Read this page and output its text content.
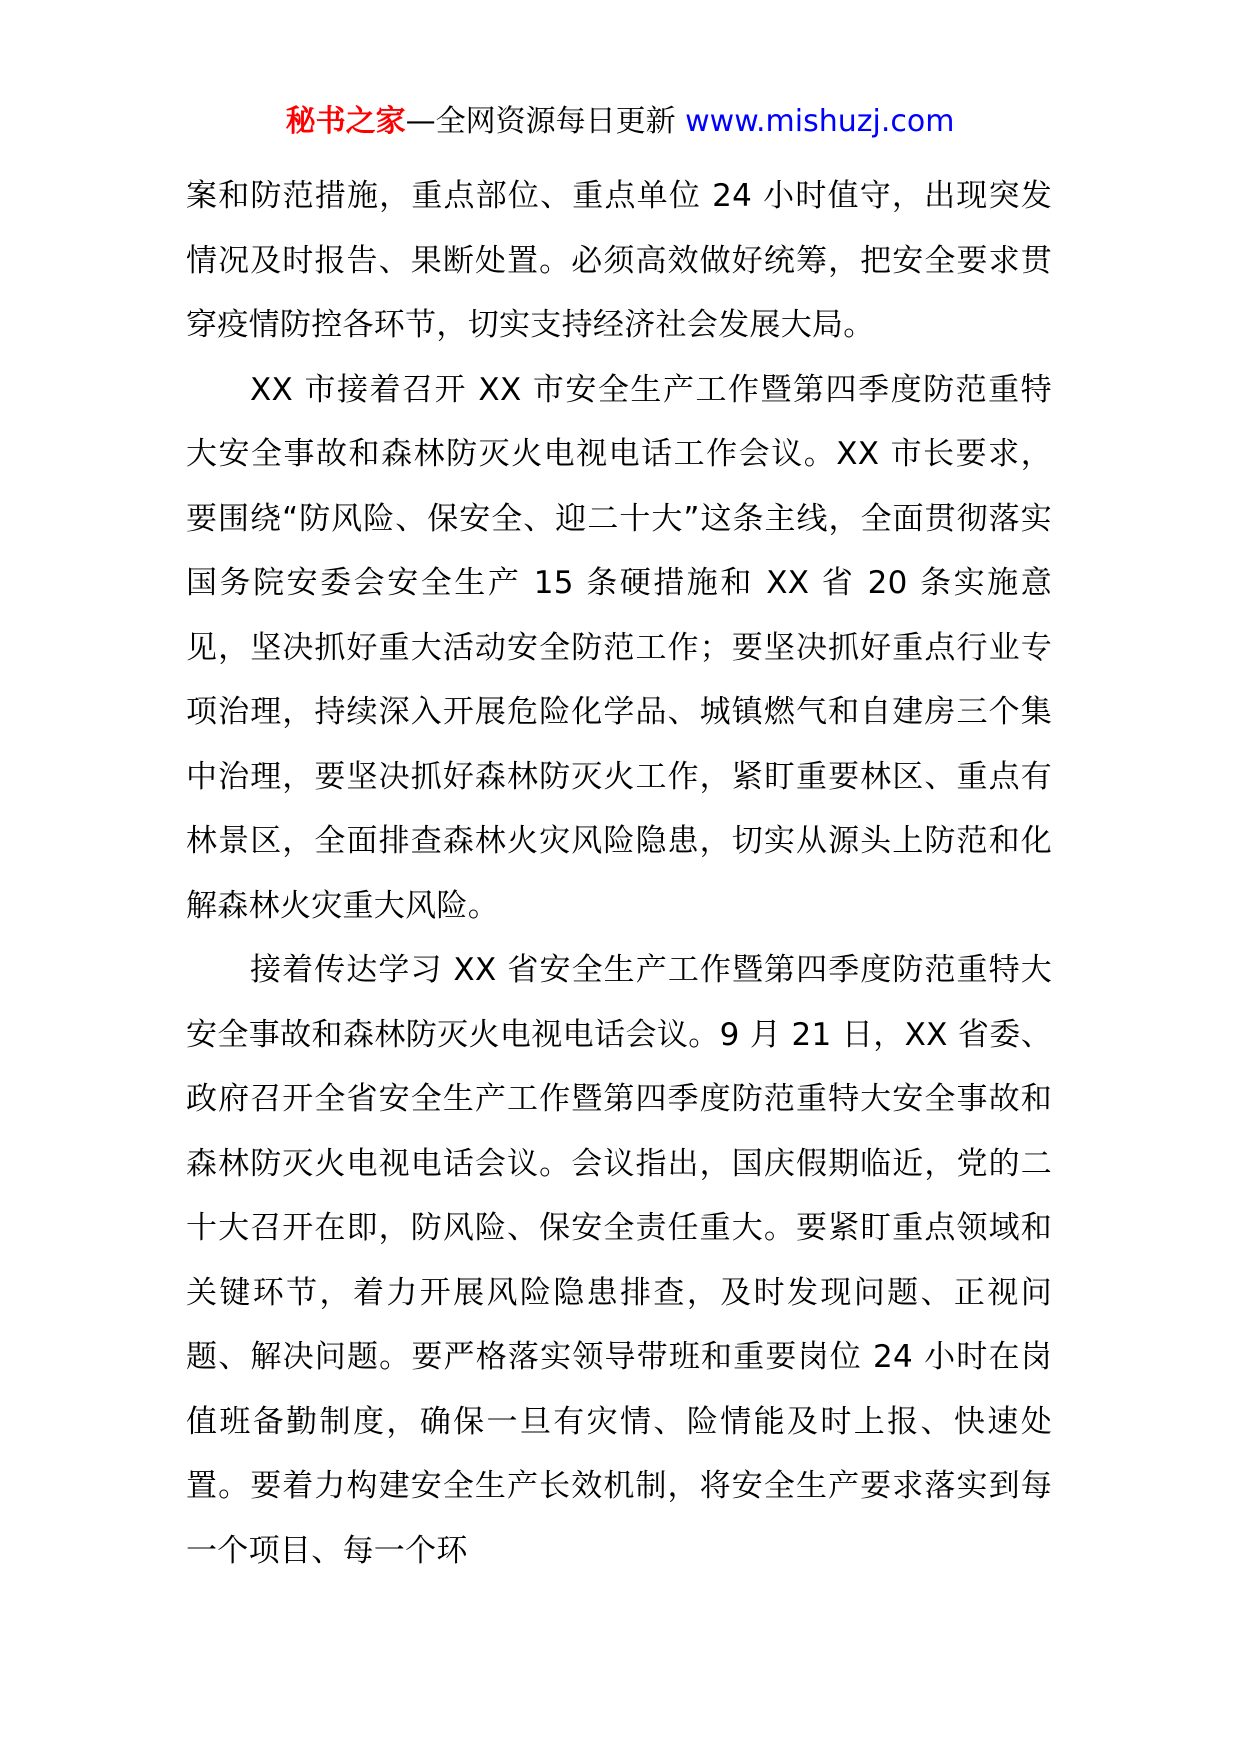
秘书之家—全网资源每日更新 www.mishuzj.com

案和防范措施，重点部位、重点单位 24 小时值守，出现突发情况及时报告、果断处置。必须高效做好统筹，把安全要求贯穿疫情防控各环节，切实支持经济社会发展大局。

XX 市接着召开 XX 市安全生产工作暨第四季度防范重特大安全事故和森林防灭火电视电话工作会议。XX 市长要求，要围绕“防风险、保安全、迎二十大”这条主线，全面贯彻落实国务院安委会安全生产 15 条硬措施和 XX 省 20 条实施意见，坚决抓好重大活动安全防范工作；要坚决抓好重点行业专项治理，持续深入开展危险化学品、城镇燃气和自建房三个集中治理，要坚决抓好森林防灭火工作，紧盯重要林区、重点有林景区，全面排查森林火灾风险隐患，切实从源头上防范和化解森林火灾重大风险。

接着传达学习 XX 省安全生产工作暨第四季度防范重特大安全事故和森林防灭火电视电话会议。9 月 21 日，XX 省委、政府召开全省安全生产工作暨第四季度防范重特大安全事故和森林防灭火电视电话会议。会议指出，国庆假期临近，党的二十大召开在即，防风险、保安全责任重大。要紧盯重点领域和关键环节，着力开展风险隐患排查，及时发现问题、正视问题、解决问题。要严格落实领导带班和重要岗位 24 小时在岗值班备勤制度，确保一旦有灾情、险情能及时上报、快速处置。要着力构建安全生产长效机制，将安全生产要求落实到每一个项目、每一个环
